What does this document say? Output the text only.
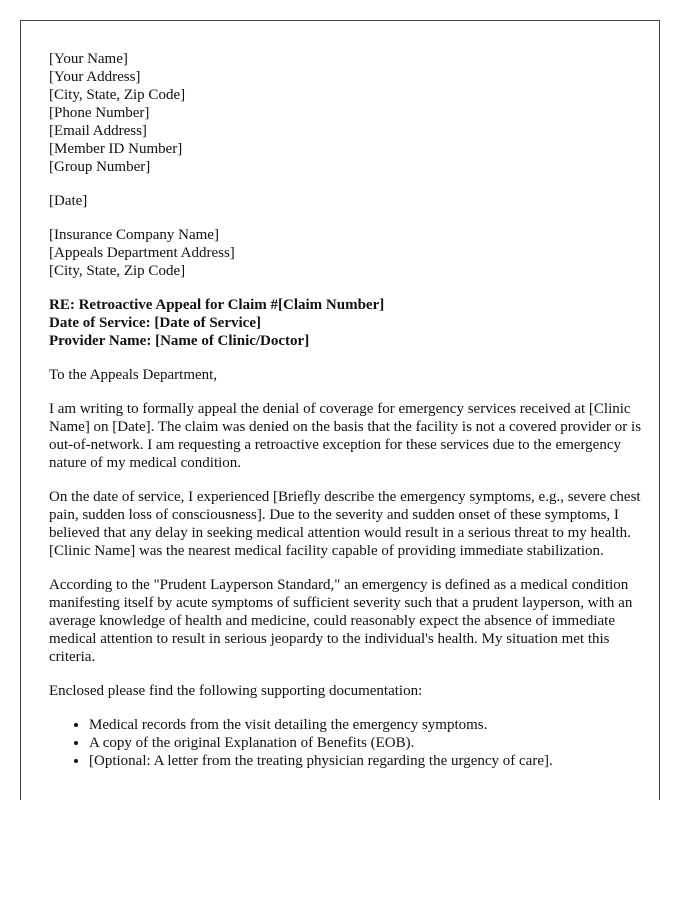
[Your Name]
[Your Address]
[City, State, Zip Code]
[Phone Number]
[Email Address]
[Member ID Number]
[Group Number]
[Date]
[Insurance Company Name]
[Appeals Department Address]
[City, State, Zip Code]
RE: Retroactive Appeal for Claim #[Claim Number]
Date of Service: [Date of Service]
Provider Name: [Name of Clinic/Doctor]

To the Appeals Department,

I am writing to formally appeal the denial of coverage for emergency services received at [Clinic Name] on [Date]. The claim was denied on the basis that the facility is not a covered provider or is out-of-network. I am requesting a retroactive exception for these services due to the emergency nature of my medical condition.

On the date of service, I experienced [Briefly describe the emergency symptoms, e.g., severe chest pain, sudden loss of consciousness]. Due to the severity and sudden onset of these symptoms, I believed that any delay in seeking medical attention would result in a serious threat to my health. [Clinic Name] was the nearest medical facility capable of providing immediate stabilization.

According to the "Prudent Layperson Standard," an emergency is defined as a medical condition manifesting itself by acute symptoms of sufficient severity such that a prudent layperson, with an average knowledge of health and medicine, could reasonably expect the absence of immediate medical attention to result in serious jeopardy to the individual's health. My situation met this criteria.

Enclosed please find the following supporting documentation:

• Medical records from the visit detailing the emergency symptoms.
• A copy of the original Explanation of Benefits (EOB).
• [Optional: A letter from the treating physician regarding the urgency of care].
